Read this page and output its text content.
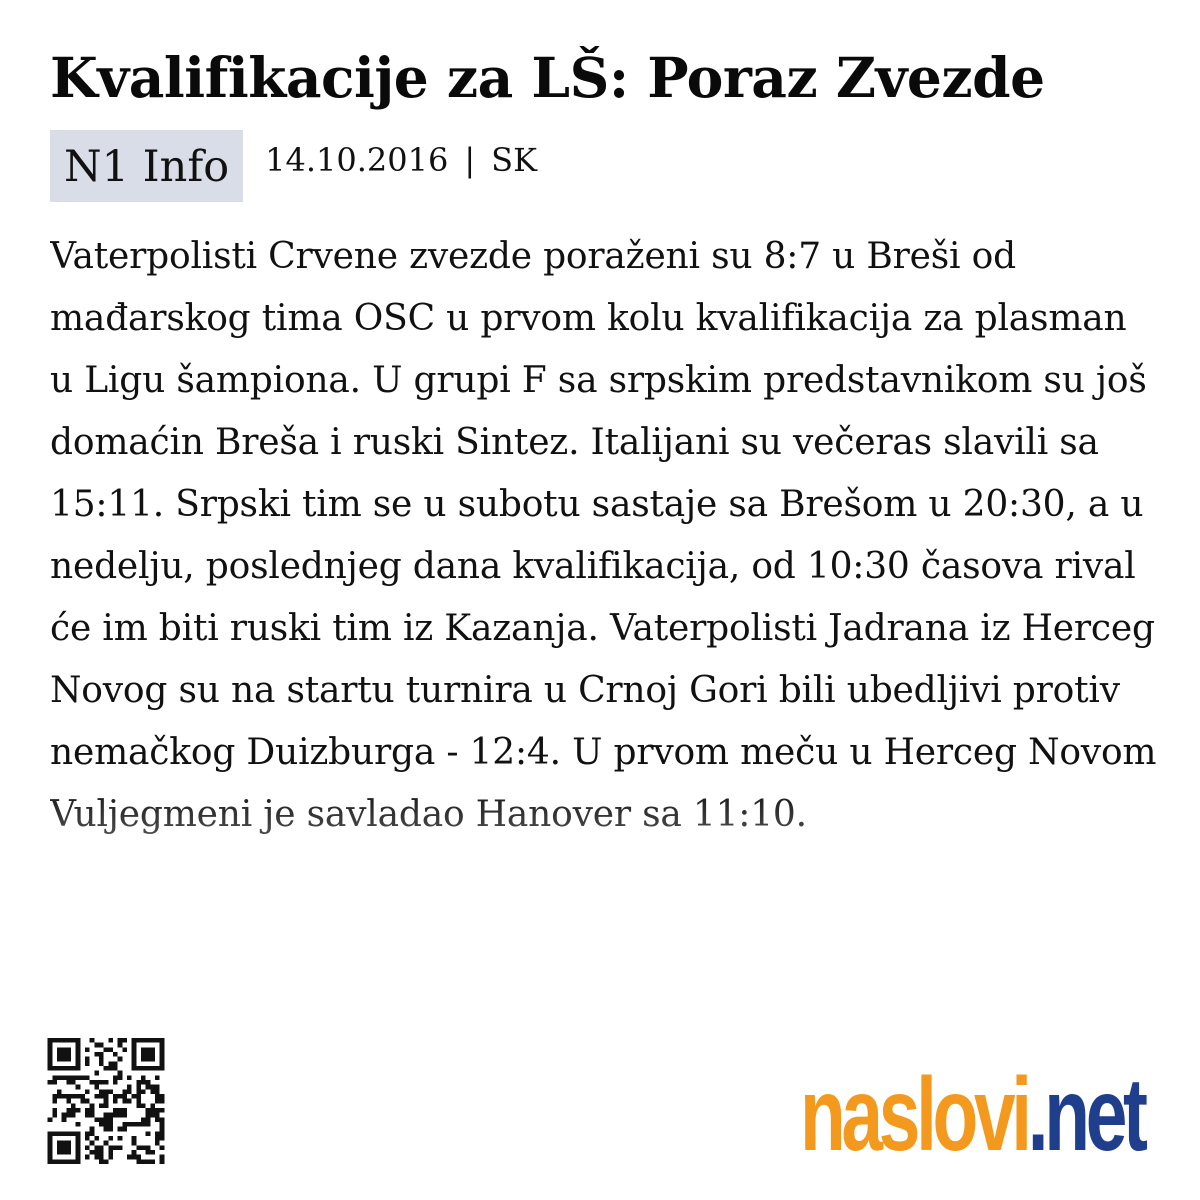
Kvalifikacije za LŠ: Poraz Zvezde
N1 Info	14.10.2016 | SK
Vaterpolisti Crvene zvezde poraženi su 8:7 u Breši od mađarskog tima OSC u prvom kolu kvalifikacija za plasman u Ligu šampiona. U grupi F sa srpskim predstavnikom su još domaćin Breša i ruski Sintez. Italijani su večeras slavili sa 15:11. Srpski tim se u subotu sastaje sa Brešom u 20:30, a u nedelju, poslednjeg dana kvalifikacija, od 10:30 časova rival će im biti ruski tim iz Kazanja. Vaterpolisti Jadrana iz Herceg Novog su na startu turnira u Crnoj Gori bili ubedljivi protiv nemačkog Duizburga - 12:4. U prvom meču u Herceg Novom Vuljegmeni je savladao Hanover sa 11:10.
naslovi.net
